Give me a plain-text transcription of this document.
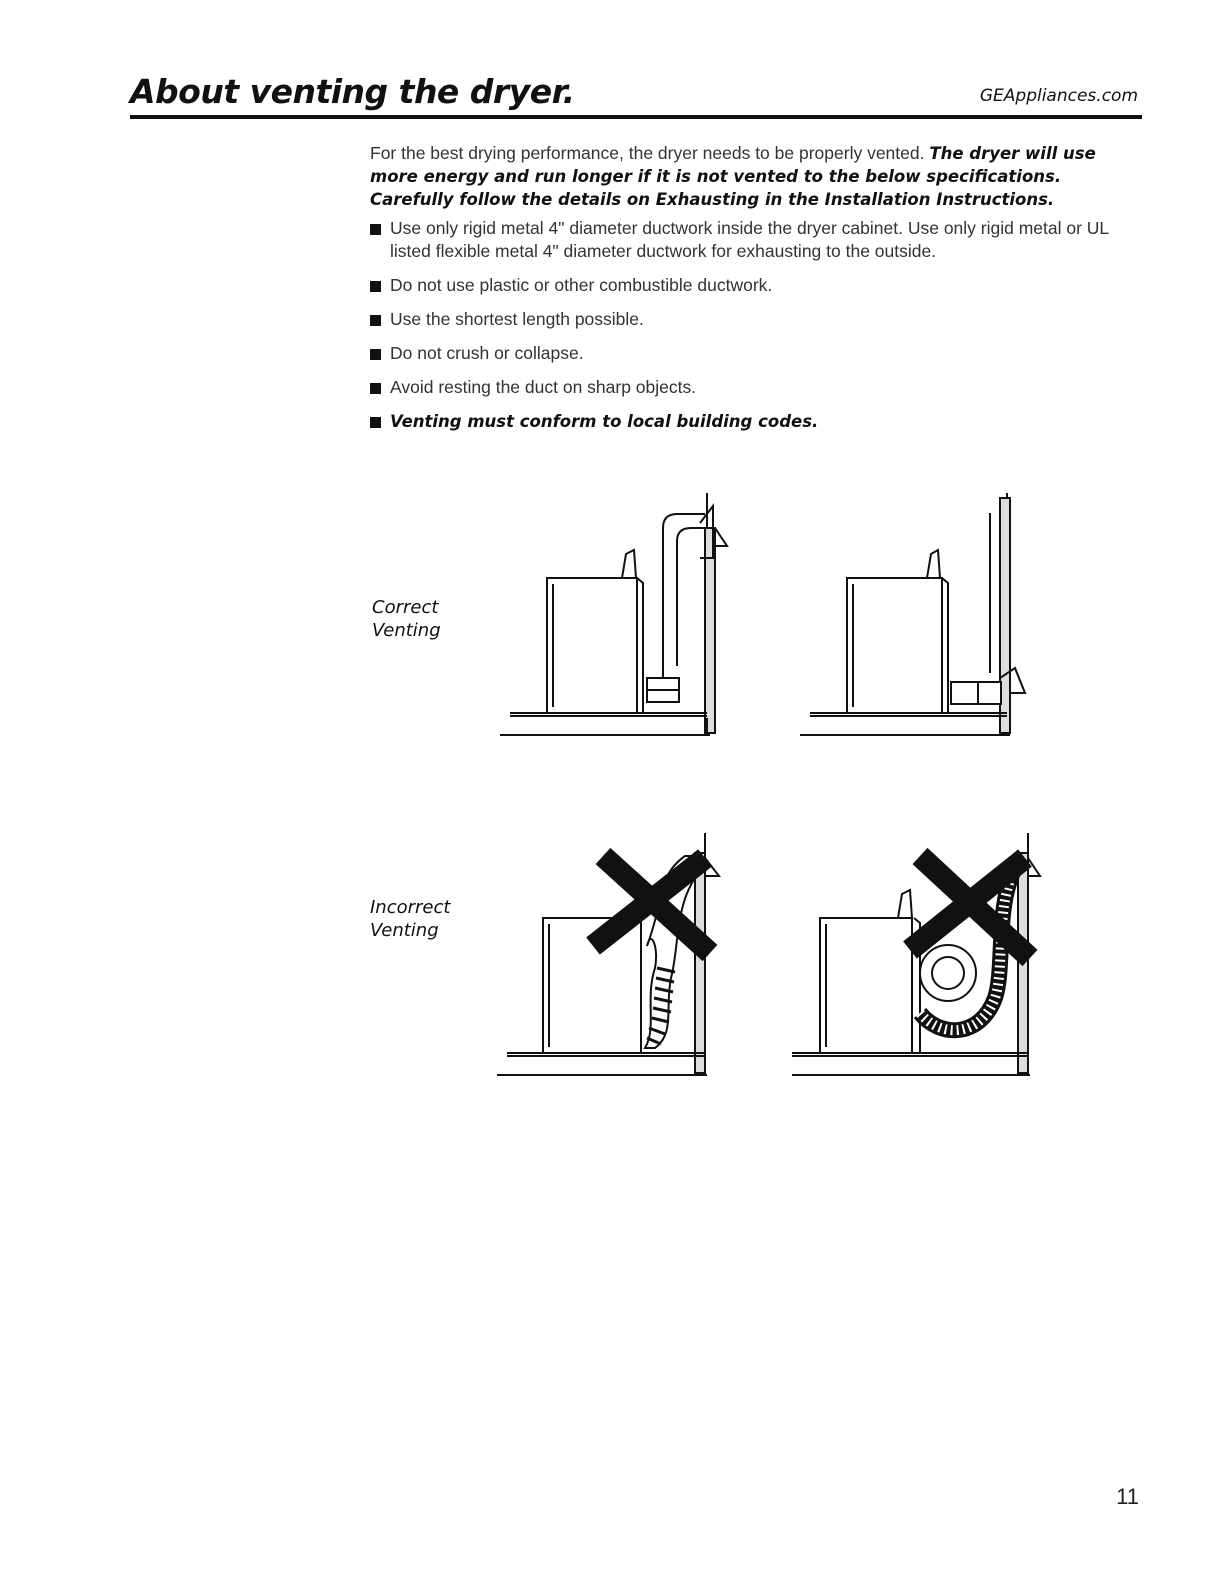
About venting the dryer.	GEAppliances.com

For the best drying performance, the dryer needs to be properly vented. The dryer will use more energy and run longer if it is not vented to the below specifications. Carefully follow the details on Exhausting in the Installation Instructions.

Use only rigid metal 4" diameter ductwork inside the dryer cabinet. Use only rigid metal or UL listed flexible metal 4" diameter ductwork for exhausting to the outside.
Do not use plastic or other combustible ductwork.
Use the shortest length possible.
Do not crush or collapse.
Avoid resting the duct on sharp objects.
Venting must conform to local building codes.
Correct
Venting
Incorrect
Venting
11
